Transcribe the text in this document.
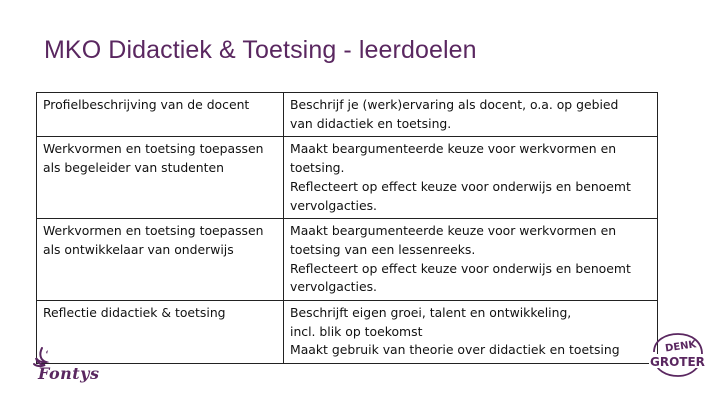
MKO Didactiek & Toetsing - leerdoelen
Profielbeschrijving van de docent	Beschrijf je (werk)ervaring als docent, o.a. op gebied
van didactiek en toetsing.

Werkvormen en toetsing toepassen
als begeleider van studenten	Maakt beargumenteerde keuze voor werkvormen en
toetsing.
Reflecteert op effect keuze voor onderwijs en benoemt
vervolgacties.

Werkvormen en toetsing toepassen
als ontwikkelaar van onderwijs	Maakt beargumenteerde keuze voor werkvormen en
toetsing van een lessenreeks.
Reflecteert op effect keuze voor onderwijs en benoemt
vervolgacties.

Reflectie didactiek & toetsing	Beschrijft eigen groei, talent en ontwikkeling,
incl. blik op toekomst
Maakt gebruik van theorie over didactiek en toetsing
Fontys
DENK
GROTER
